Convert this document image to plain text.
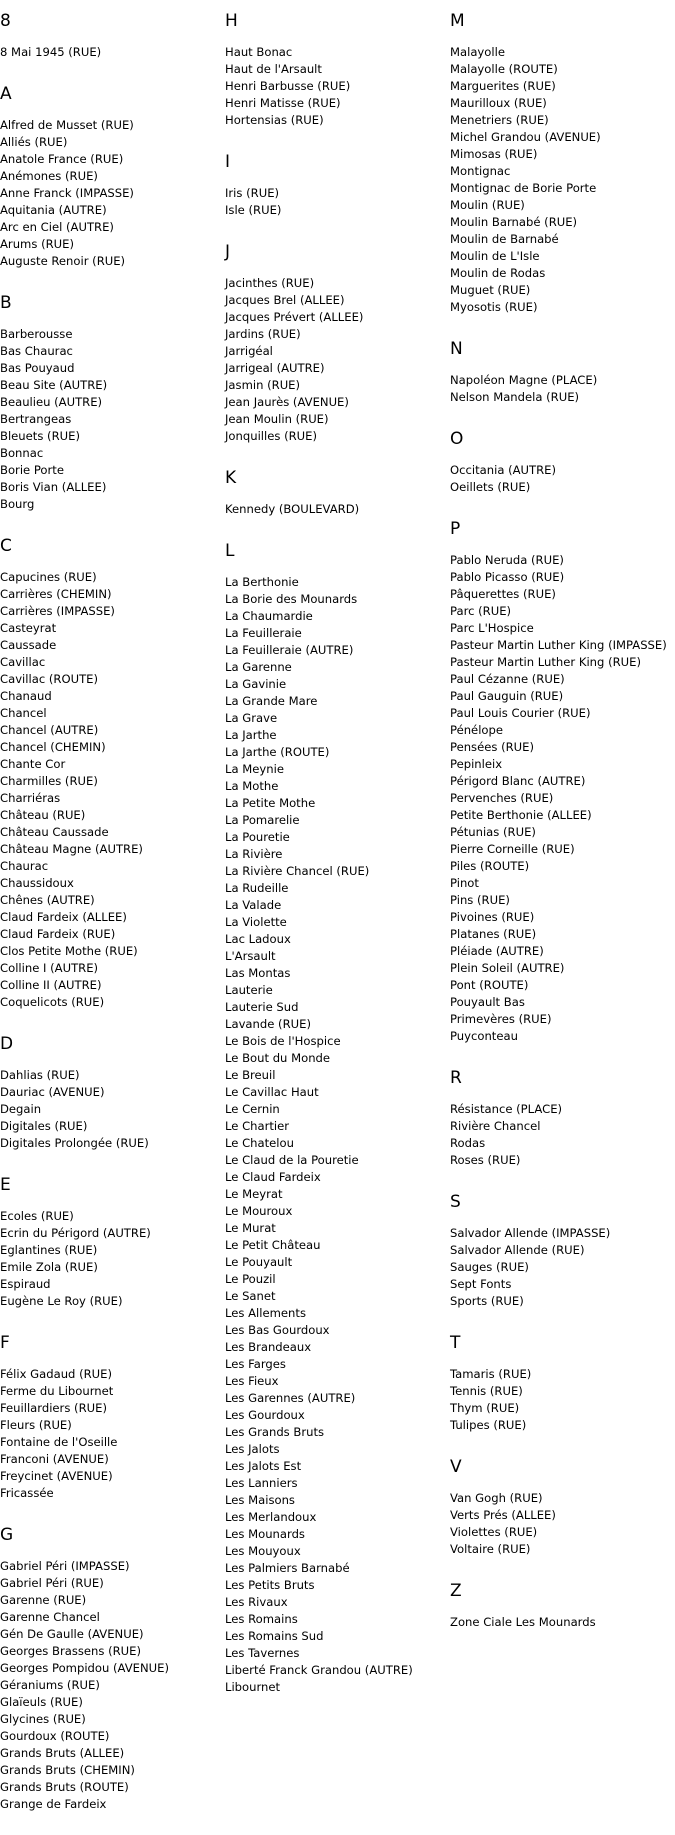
8
8 Mai 1945 (RUE)
A
Alfred de Musset (RUE)
Alliés (RUE)
Anatole France (RUE)
Anémones (RUE)
Anne Franck (IMPASSE)
Aquitania (AUTRE)
Arc en Ciel (AUTRE)
Arums (RUE)
Auguste Renoir (RUE)
B
Barberousse
Bas Chaurac
Bas Pouyaud
Beau Site (AUTRE)
Beaulieu (AUTRE)
Bertrangeas
Bleuets (RUE)
Bonnac
Borie Porte
Boris Vian (ALLEE)
Bourg
C
Capucines (RUE)
Carrières (CHEMIN)
Carrières (IMPASSE)
Casteyrat
Caussade
Cavillac
Cavillac (ROUTE)
Chanaud
Chancel
Chancel (AUTRE)
Chancel (CHEMIN)
Chante Cor
Charmilles (RUE)
Charriéras
Château (RUE)
Château Caussade
Château Magne (AUTRE)
Chaurac
Chaussidoux
Chênes (AUTRE)
Claud Fardeix (ALLEE)
Claud Fardeix (RUE)
Clos Petite Mothe (RUE)
Colline I (AUTRE)
Colline II (AUTRE)
Coquelicots (RUE)
D
Dahlias (RUE)
Dauriac (AVENUE)
Degain
Digitales (RUE)
Digitales Prolongée (RUE)
E
Ecoles (RUE)
Ecrin du Périgord (AUTRE)
Eglantines (RUE)
Emile Zola (RUE)
Espiraud
Eugène Le Roy (RUE)
F
Félix Gadaud (RUE)
Ferme du Libournet
Feuillardiers (RUE)
Fleurs (RUE)
Fontaine de l'Oseille
Franconi (AVENUE)
Freycinet (AVENUE)
Fricassée
G
Gabriel Péri (IMPASSE)
Gabriel Péri (RUE)
Garenne (RUE)
Garenne Chancel
Gén De Gaulle (AVENUE)
Georges Brassens (RUE)
Georges Pompidou (AVENUE)
Géraniums (RUE)
Glaïeuls (RUE)
Glycines (RUE)
Gourdoux (ROUTE)
Grands Bruts (ALLEE)
Grands Bruts (CHEMIN)
Grands Bruts (ROUTE)
Grange de Fardeix
H
Haut Bonac
Haut de l'Arsault
Henri Barbusse (RUE)
Henri Matisse (RUE)
Hortensias (RUE)
I
Iris (RUE)
Isle (RUE)
J
Jacinthes (RUE)
Jacques Brel (ALLEE)
Jacques Prévert (ALLEE)
Jardins (RUE)
Jarrigéal
Jarrigeal (AUTRE)
Jasmin (RUE)
Jean Jaurès (AVENUE)
Jean Moulin (RUE)
Jonquilles (RUE)
K
Kennedy (BOULEVARD)
L
La Berthonie
La Borie des Mounards
La Chaumardie
La Feuilleraie
La Feuilleraie (AUTRE)
La Garenne
La Gavinie
La Grande Mare
La Grave
La Jarthe
La Jarthe (ROUTE)
La Meynie
La Mothe
La Petite Mothe
La Pomarelie
La Pouretie
La Rivière
La Rivière Chancel (RUE)
La Rudeille
La Valade
La Violette
Lac Ladoux
L'Arsault
Las Montas
Lauterie
Lauterie Sud
Lavande (RUE)
Le Bois de l'Hospice
Le Bout du Monde
Le Breuil
Le Cavillac Haut
Le Cernin
Le Chartier
Le Chatelou
Le Claud de la Pouretie
Le Claud Fardeix
Le Meyrat
Le Mouroux
Le Murat
Le Petit Château
Le Pouyault
Le Pouzil
Le Sanet
Les Allements
Les Bas Gourdoux
Les Brandeaux
Les Farges
Les Fieux
Les Garennes (AUTRE)
Les Gourdoux
Les Grands Bruts
Les Jalots
Les Jalots Est
Les Lanniers
Les Maisons
Les Merlandoux
Les Mounards
Les Mouyoux
Les Palmiers Barnabé
Les Petits Bruts
Les Rivaux
Les Romains
Les Romains Sud
Les Tavernes
Liberté Franck Grandou (AUTRE)
Libournet
M
Malayolle
Malayolle (ROUTE)
Marguerites (RUE)
Maurilloux (RUE)
Menetriers (RUE)
Michel Grandou (AVENUE)
Mimosas (RUE)
Montignac
Montignac de Borie Porte
Moulin (RUE)
Moulin Barnabé (RUE)
Moulin de Barnabé
Moulin de L'Isle
Moulin de Rodas
Muguet (RUE)
Myosotis (RUE)
N
Napoléon Magne (PLACE)
Nelson Mandela (RUE)
O
Occitania (AUTRE)
Oeillets (RUE)
P
Pablo Neruda (RUE)
Pablo Picasso (RUE)
Pâquerettes (RUE)
Parc (RUE)
Parc L'Hospice
Pasteur Martin Luther King (IMPASSE)
Pasteur Martin Luther King (RUE)
Paul Cézanne (RUE)
Paul Gauguin (RUE)
Paul Louis Courier (RUE)
Pénélope
Pensées (RUE)
Pepinleix
Périgord Blanc (AUTRE)
Pervenches (RUE)
Petite Berthonie (ALLEE)
Pétunias (RUE)
Pierre Corneille (RUE)
Piles (ROUTE)
Pinot
Pins (RUE)
Pivoines (RUE)
Platanes (RUE)
Pléiade (AUTRE)
Plein Soleil (AUTRE)
Pont (ROUTE)
Pouyault Bas
Primevères (RUE)
Puyconteau
R
Résistance (PLACE)
Rivière Chancel
Rodas
Roses (RUE)
S
Salvador Allende (IMPASSE)
Salvador Allende (RUE)
Sauges (RUE)
Sept Fonts
Sports (RUE)
T
Tamaris (RUE)
Tennis (RUE)
Thym (RUE)
Tulipes (RUE)
V
Van Gogh (RUE)
Verts Prés (ALLEE)
Violettes (RUE)
Voltaire (RUE)
Z
Zone Ciale Les Mounards
